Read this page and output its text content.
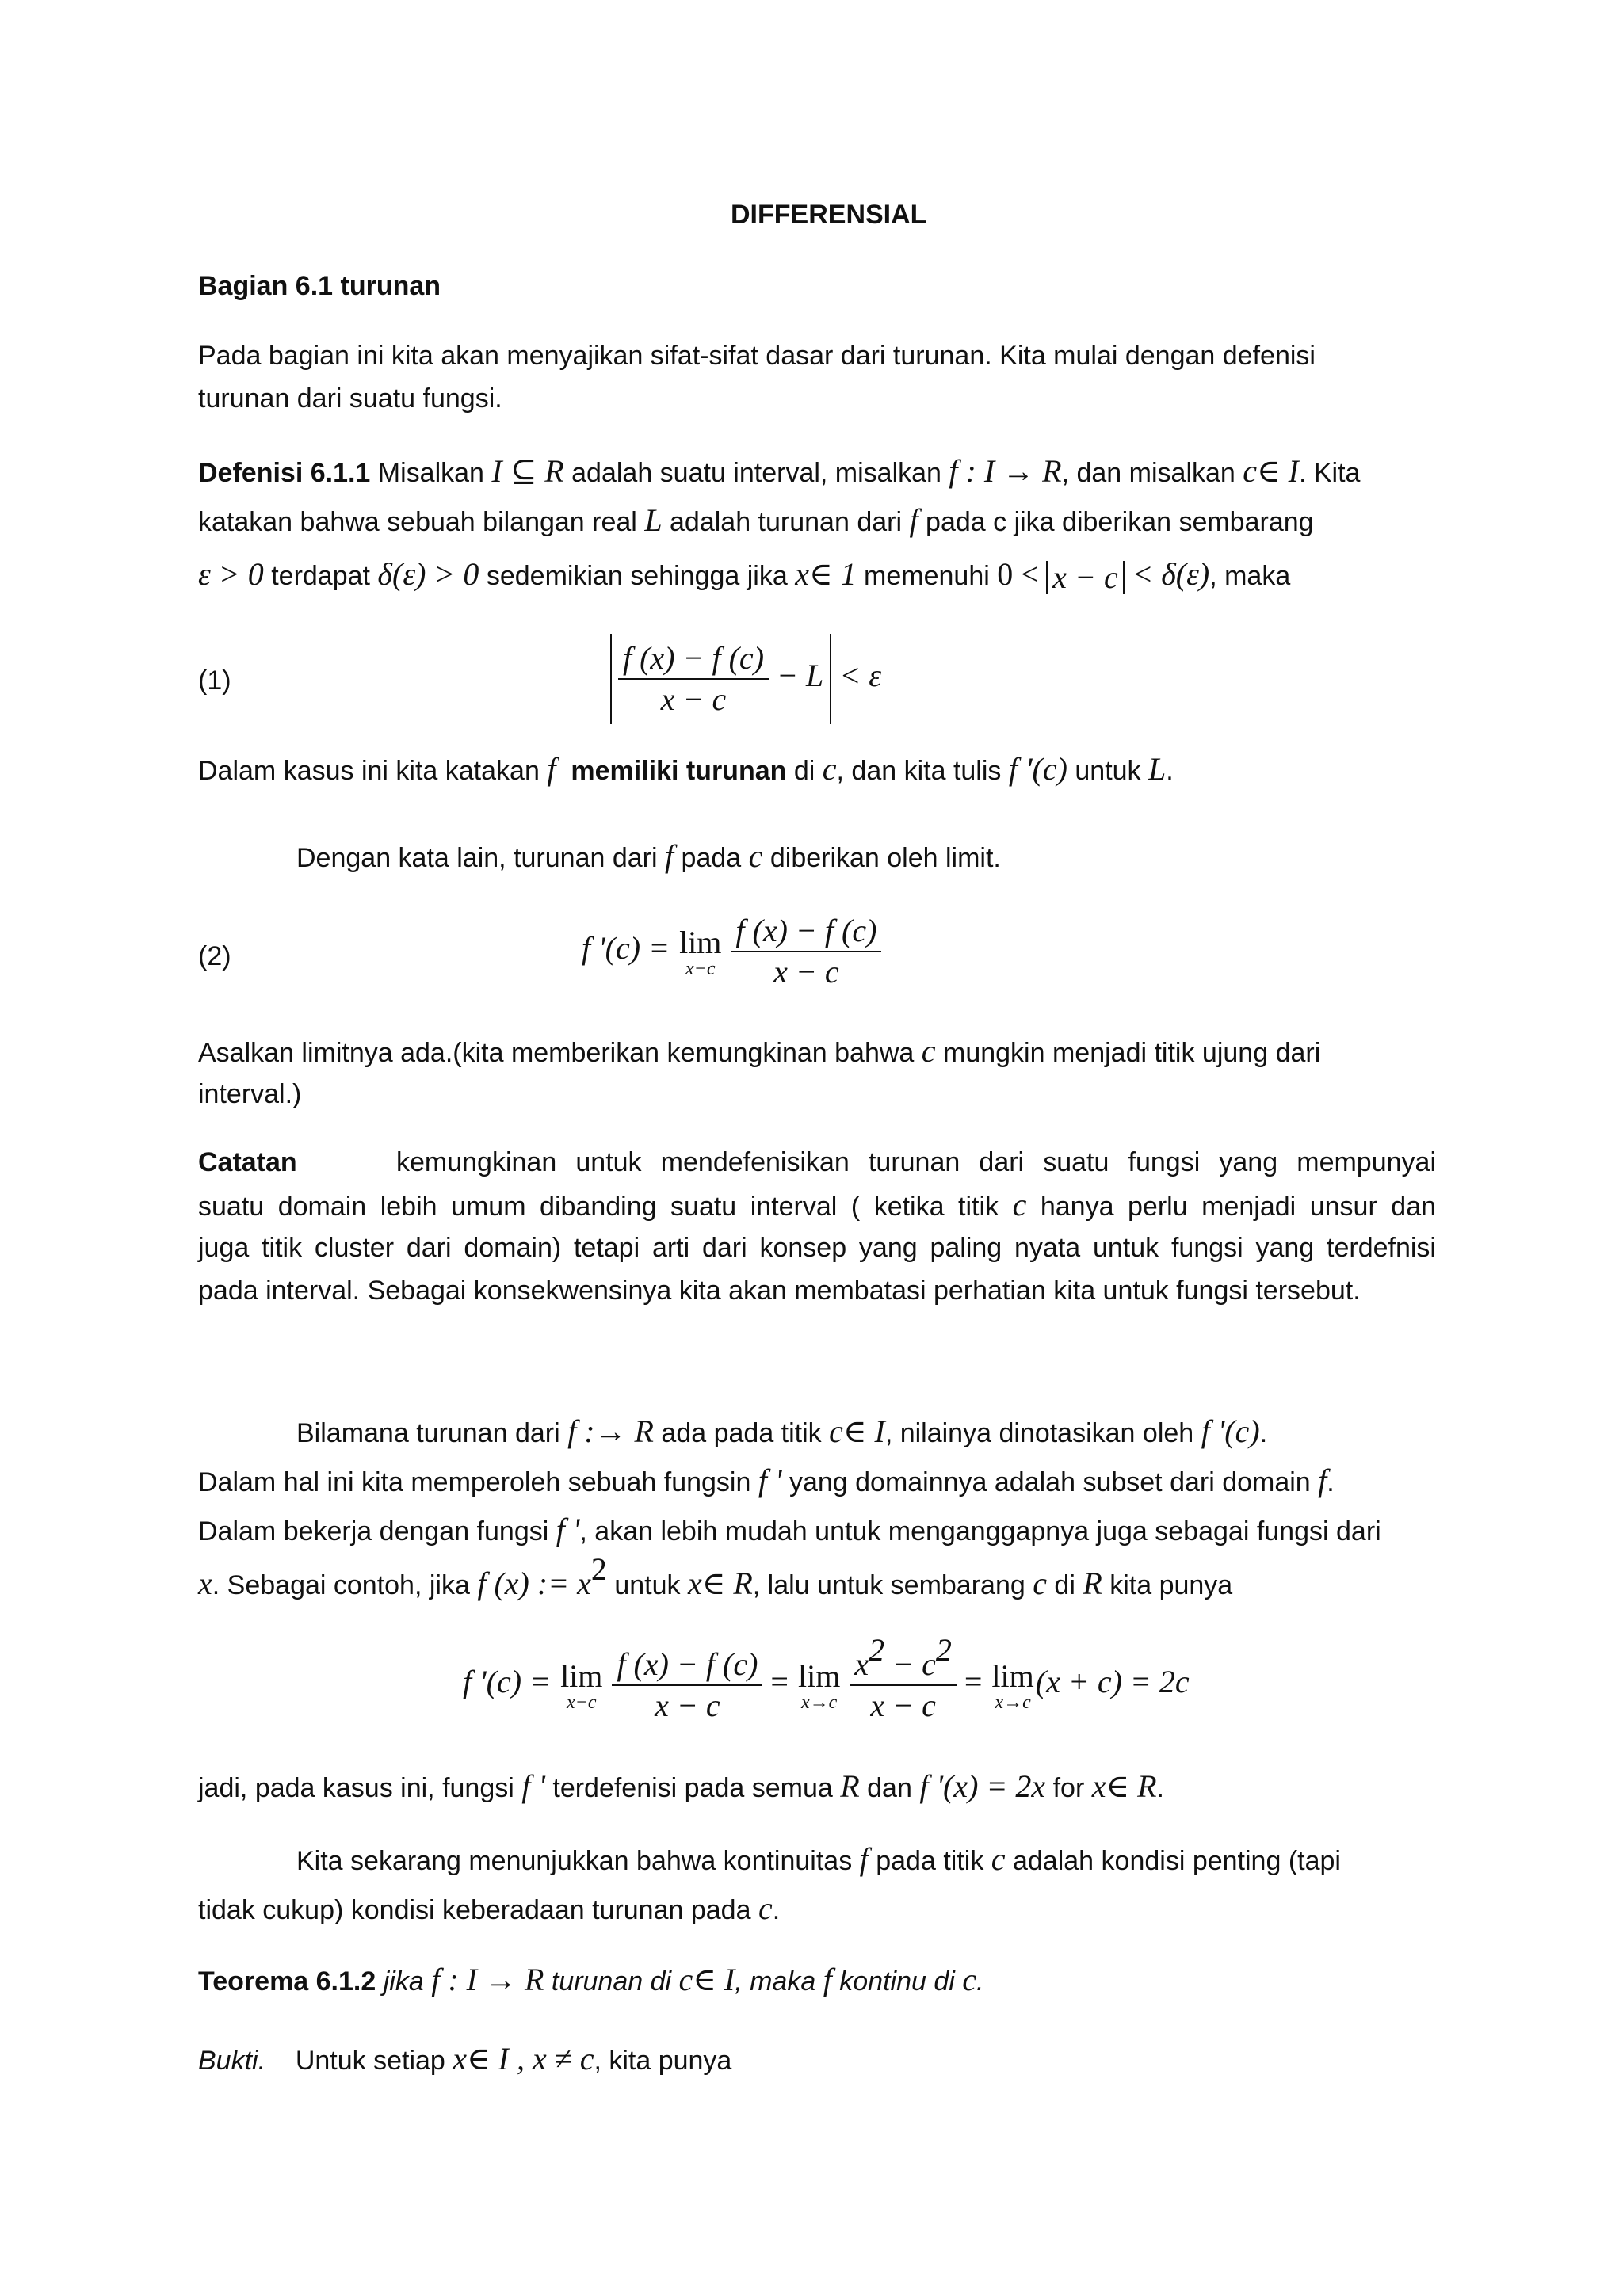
DIFFERENSIAL
Bagian 6.1 turunan
Pada bagian ini kita akan menyajikan sifat-sifat dasar dari turunan. Kita mulai dengan defenisi
turunan dari suatu fungsi.
Defenisi 6.1.1 Misalkan I ⊆ R adalah suatu interval, misalkan f : I → R, dan misalkan c∈ I. Kita
katakan bahwa sebuah bilangan real L adalah turunan dari f pada c jika diberikan sembarang
ε > 0 terdapat δ(ε) > 0 sedemikian sehingga jika x∈ 1 memenuhi 0 < x − c < δ(ε), maka
(1)	$\frac{f (x) - f (c)}{x - c} - L < \varepsilon$
Dalam kasus ini kita katakan f memiliki turunan di c, dan kita tulis f '(c) untuk L.
Dengan kata lain, turunan dari f pada c diberikan oleh limit.
(2)	f '(c) = lim
x−c
$\frac{f (x) - f (c)}{x - c}$
Asalkan limitnya ada.(kita memberikan kemungkinan bahwa c mungkin menjadi titik ujung dari
interval.)
Catatan	kemungkinan untuk mendefenisikan turunan dari suatu fungsi yang mempunyai
suatu domain lebih umum dibanding suatu interval ( ketika titik c hanya perlu menjadi unsur dan
juga titik cluster dari domain) tetapi arti dari konsep yang paling nyata untuk fungsi yang terdefnisi
pada interval. Sebagai konsekwensinya kita akan membatasi perhatian kita untuk fungsi tersebut.
Bilamana turunan dari f :→ R ada pada titik c∈ I, nilainya dinotasikan oleh f '(c).
Dalam hal ini kita memperoleh sebuah fungsin f ' yang domainnya adalah subset dari domain f.
Dalam bekerja dengan fungsi f ', akan lebih mudah untuk menganggapnya juga sebagai fungsi dari
x. Sebagai contoh, jika f (x) := $x^2$ untuk x∈ R, lalu untuk sembarang c di R kita punya
f '(c) = lim
x−c
$\frac{f (x) - f (c)}{x - c} = \lim$
x→c
$\frac{x^2 - c^2}{x - c} = \lim$
x→c
(x + c) = 2c
jadi, pada kasus ini, fungsi f ' terdefenisi pada semua R dan f '(x) = 2x for x∈ R.
Kita sekarang menunjukkan bahwa kontinuitas f pada titik c adalah kondisi penting (tapi
tidak cukup) kondisi keberadaan turunan pada c.
Teorema 6.1.2 jika f : I → R turunan di c∈ I, maka f kontinu di c.
Bukti. Untuk setiap x∈ I , x ≠ c, kita punya
